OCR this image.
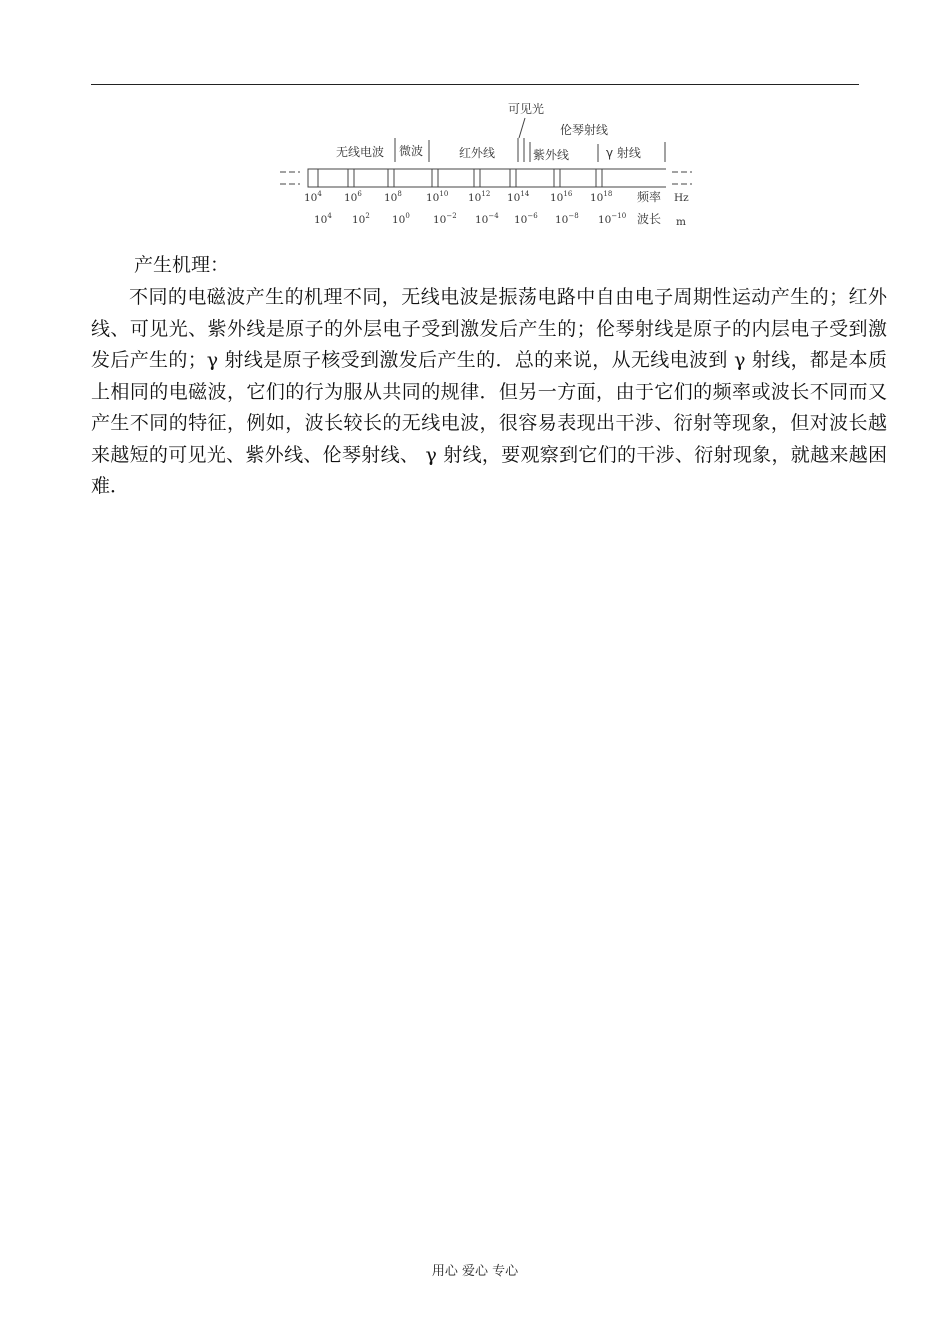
可见光
伦琴射线
无线电波 微波	红外线	紫外线	γ 射线
$10^4$ $10^6$ $10^8$ $10^{10}$ $10^{12}$ $10^{14}$ $10^{16}$ $10^{18}$ 频率 Hz
$10^4$ $10^2$ $10^0$ $10^{-2}$ $10^{-4}$ $10^{-6}$ $10^{-8}$ $10^{-10}$ 波长 m

产生机理：

不同的电磁波产生的机理不同，无线电波是振荡电路中自由电子周期性运动产生的；红外线、可见光、紫外线是原子的外层电子受到激发后产生的；伦琴射线是原子的内层电子受到激发后产生的；γ 射线是原子核受到激发后产生的．总的来说，从无线电波到 γ 射线，都是本质上相同的电磁波，它们的行为服从共同的规律．但另一方面，由于它们的频率或波长不同而又产生不同的特征，例如，波长较长的无线电波，很容易表现出干涉、衍射等现象，但对波长越来越短的可见光、紫外线、伦琴射线、 γ 射线，要观察到它们的干涉、衍射现象，就越来越困难．

用心 爱心 专心
